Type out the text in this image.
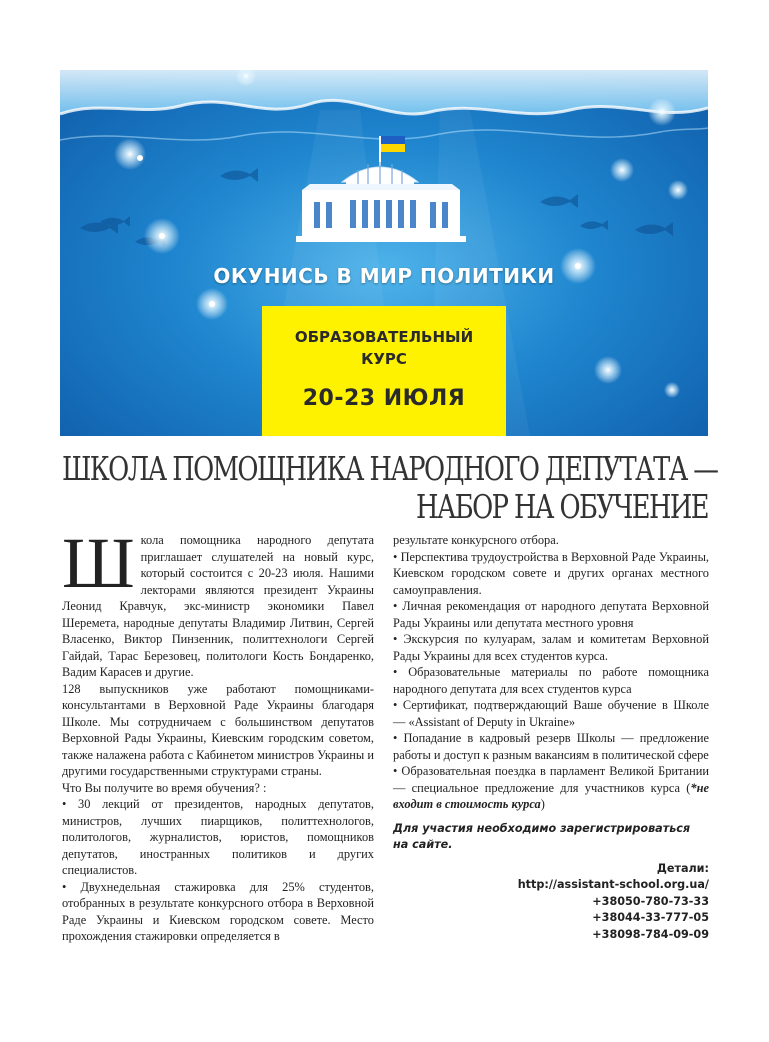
ОКУНИСЬ В МИР ПОЛИТИКИ
ОБРАЗОВАТЕЛЬНЫЙ КУРС
20-23 ИЮЛЯ
ШКОЛА ПОМОЩНИКА НАРОДНОГО ДЕПУТАТА —
НАБОР НА ОБУЧЕНИЕ
Ш кола помощника народного депутата приглашает слушателей на новый курс, который состоится с 20-23 июля. Нашими лекторами являются президент Украины Леонид Кравчук, экс-министр экономики Павел Шеремета, народные депутаты Владимир Литвин, Сергей Власенко, Виктор Пинзенник, политтехнологи Сергей Гайдай, Тарас Березовец, политологи Кость Бондаренко, Вадим Карасев и другие.

128 выпускников уже работают помощниками-консультантами в Верховной Раде Украины благодаря Школе. Мы сотрудничаем с большинством депутатов Верховной Рады Украины, Киевским городским советом, также налажена работа с Кабинетом министров Украины и другими государственными структурами страны.

Что Вы получите во время обучения? :

• 30 лекций от президентов, народных депутатов, министров, лучших пиарщиков, политтехнологов, политологов, журналистов, юристов, помощников депутатов, иностранных политиков и других специалистов.

• Двухнедельная стажировка для 25% студентов, отобранных в результате конкурсного отбора в Верховной Раде Украины и Киевском городском совете. Место прохождения стажировки определяется в

результате конкурсного отбора.

• Перспектива трудоустройства в Верховной Раде Украины, Киевском городском совете и других органах местного самоуправления.

• Личная рекомендация от народного депутата Верховной Рады Украины или депутата местного уровня

• Экскурсия по кулуарам, залам и комитетам Верховной Рады Украины для всех студентов курса.

• Образовательные материалы по работе помощника народного депутата для всех студентов курса

• Сертификат, подтверждающий Ваше обучение в Школе — «Assistant of Deputy in Ukraine»

• Попадание в кадровый резерв Школы — предложение работы и доступ к разным вакансиям в политической сфере

• Образовательная поездка в парламент Великой Британии — специальное предложение для участников курса (*не входит в стоимость курса)

Для участия необходимо зарегистрироваться на сайте.
Детали:
http://assistant-school.org.ua/
+38050-780-73-33
+38044-33-777-05
+38098-784-09-09
